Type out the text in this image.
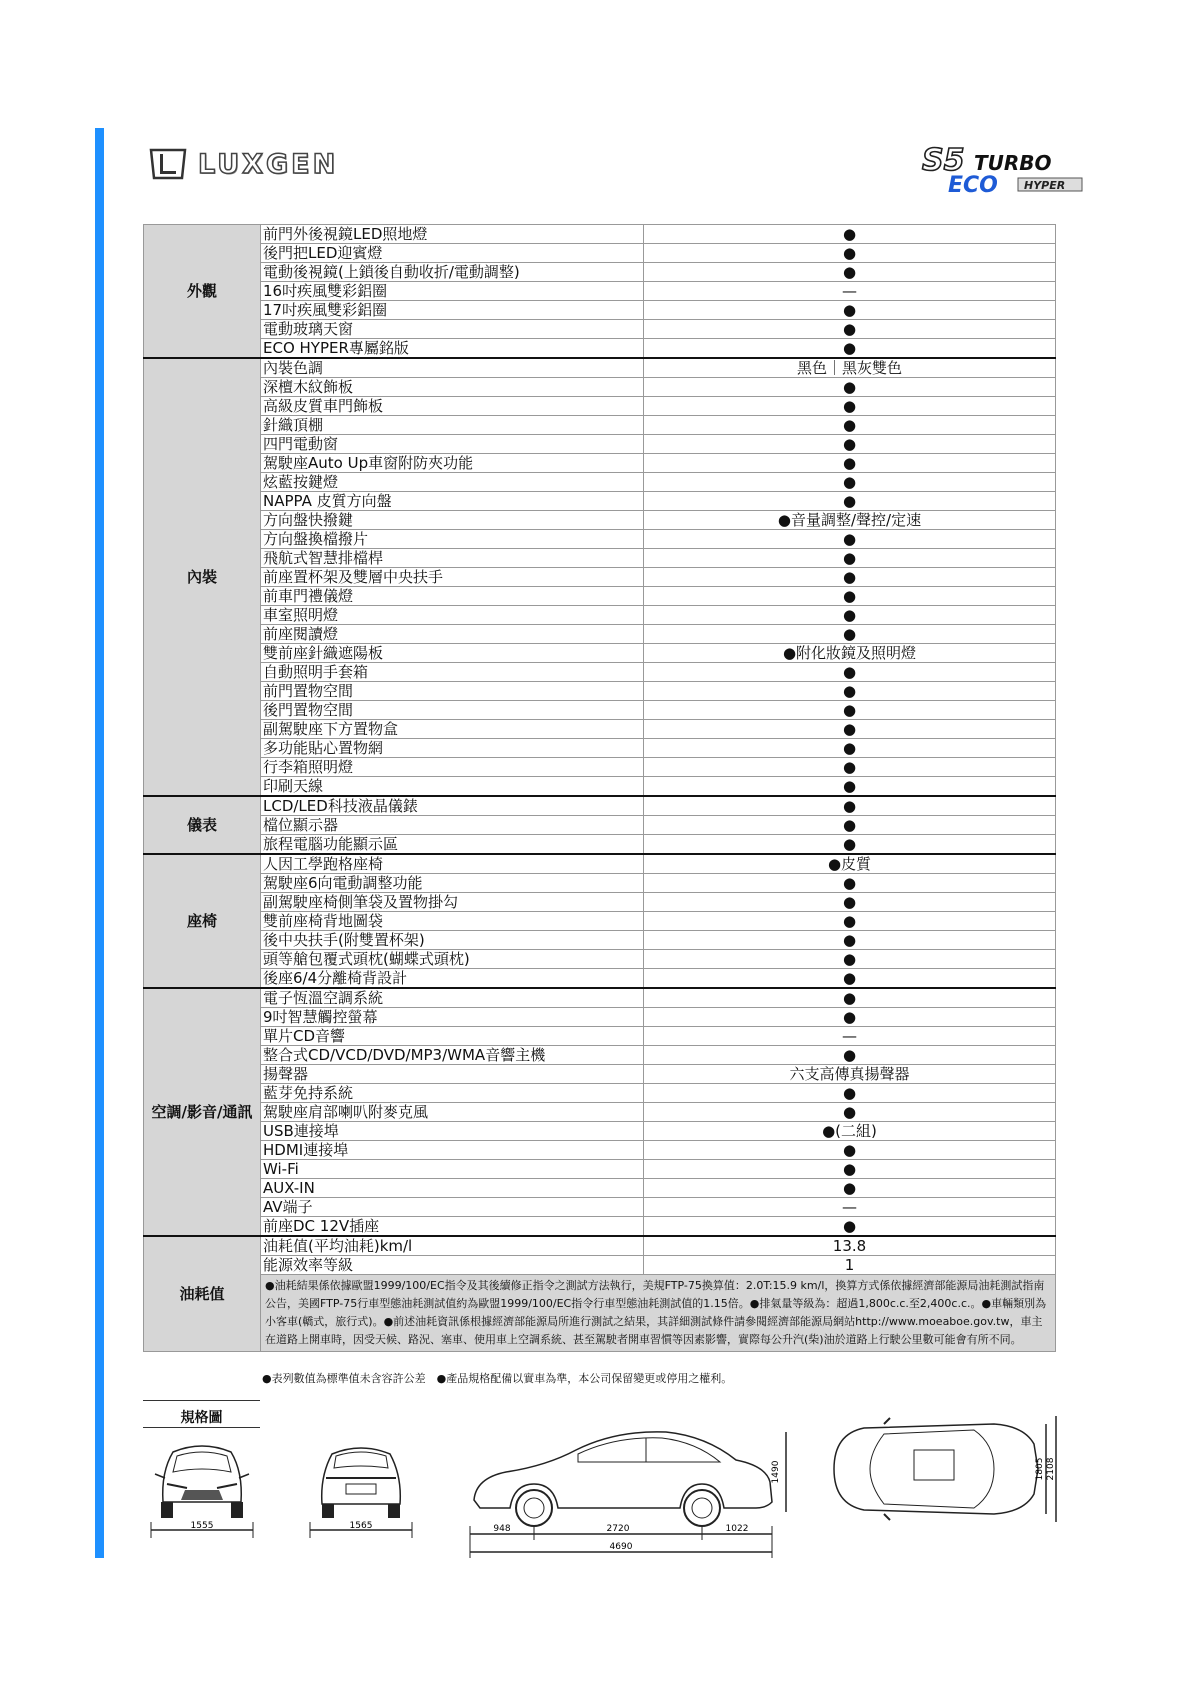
LUXGEN	S5 TURBO
ECO HYPER
外觀	前門外後視鏡LED照地燈	●
	後門把LED迎賓燈	●
	電動後視鏡(上鎖後自動收折/電動調整)	●
	16吋疾風雙彩鋁圈	—
	17吋疾風雙彩鋁圈	●
	電動玻璃天窗	●
	ECO HYPER專屬銘版	●
內裝	內裝色調	黑色｜黑灰雙色
	深檀木紋飾板	●
	高級皮質車門飾板	●
	針織頂棚	●
	四門電動窗	●
	駕駛座Auto Up車窗附防夾功能	●
	炫藍按鍵燈	●
	NAPPA 皮質方向盤	●
	方向盤快撥鍵	●音量調整/聲控/定速
	方向盤換檔撥片	●
	飛航式智慧排檔桿	●
	前座置杯架及雙層中央扶手	●
	前車門禮儀燈	●
	車室照明燈	●
	前座閱讀燈	●
	雙前座針織遮陽板	●附化妝鏡及照明燈
	自動照明手套箱	●
	前門置物空間	●
	後門置物空間	●
	副駕駛座下方置物盒	●
	多功能貼心置物網	●
	行李箱照明燈	●
	印刷天線	●
儀表	LCD/LED科技液晶儀錶	●
	檔位顯示器	●
	旅程電腦功能顯示區	●
座椅	人因工學跑格座椅	●皮質
	駕駛座6向電動調整功能	●
	副駕駛座椅側筆袋及置物掛勾	●
	雙前座椅背地圖袋	●
	後中央扶手(附雙置杯架)	●
	頭等艙包覆式頭枕(蝴蝶式頭枕)	●
	後座6/4分離椅背設計	●
空調/影音/通訊	電子恆溫空調系統	●
	9吋智慧觸控螢幕	●
	單片CD音響	—
	整合式CD/VCD/DVD/MP3/WMA音響主機	●
	揚聲器	六支高傳真揚聲器
	藍芽免持系統	●
	駕駛座肩部喇叭附麥克風	●
	USB連接埠	●(二組)
	HDMI連接埠	●
	Wi-Fi	●
	AUX-IN	●
	AV端子	—
	前座DC 12V插座	●
油耗值	油耗值(平均油耗)km/l	13.8
	能源效率等級	1
	●油耗結果係依據歐盟1999/100/EC指令及其後續修正指令之測試方法執行，美規FTP-75換算值：2.0T:15.9 km/l，換算方式係依據經濟部能源局油耗測試指南公告，美國FTP-75行車型態油耗測試值約為歐盟1999/100/EC指令行車型態油耗測試值的1.15倍。●排氣量等級為：超過1,800c.c.至2,400c.c.。●車輛類別為小客車(轎式，旅行式)。●前述油耗資訊係根據經濟部能源局所進行測試之結果，其詳細測試條件請參閱經濟部能源局網站http://www.moeaboe.gov.tw，車主在道路上開車時，因受天候、路況、塞車、使用車上空調系統、甚至駕駛者開車習慣等因素影響，實際每公升汽(柴)油於道路上行駛公里數可能會有所不同。	
●表列數值為標準值未含容許公差　●產品規格配備以實車為準，本公司保留變更或停用之權利。
規格圖
1555	1565
1490
948	2720	1022
4690
1805 2108
